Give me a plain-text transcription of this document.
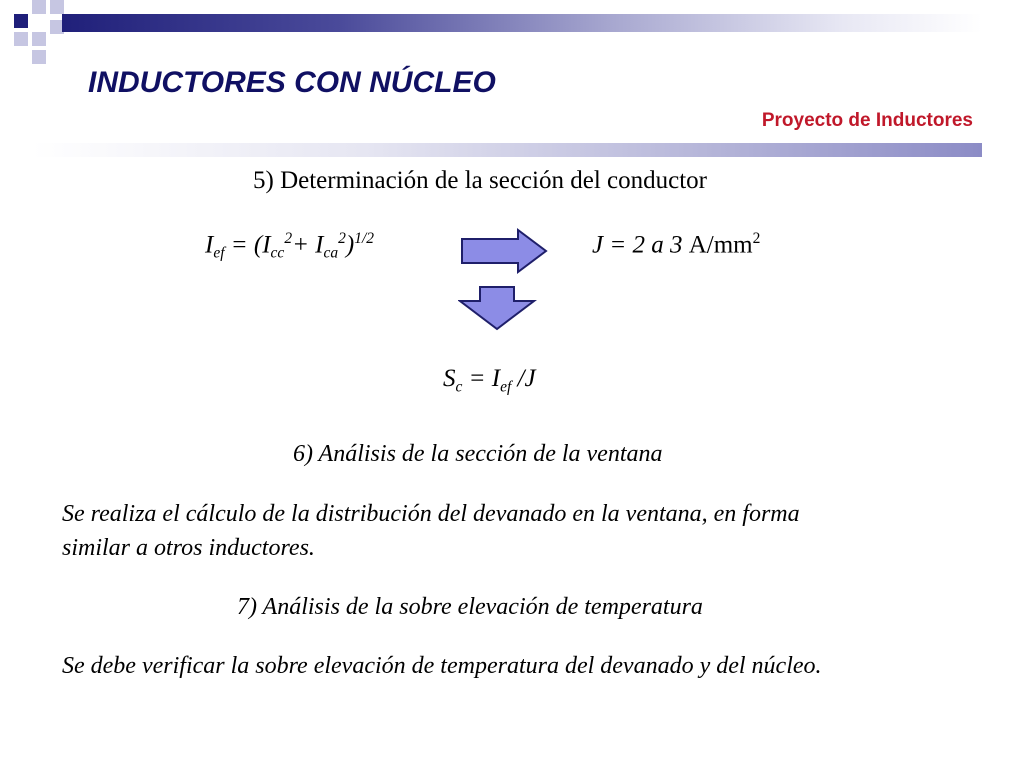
INDUCTORES CON NÚCLEO
Proyecto de Inductores
5) Determinación de la sección del conductor
$I_{ef} = (I_{cc}^2+ I_{ca}^2)^{1/2}$	J = 2 a 3 $A/mm^2$
$S_c = I_{ef}$ /J
6) Análisis de la sección de la ventana
Se realiza el cálculo de la distribución del devanado en la ventana, en forma
similar a otros inductores.
7) Análisis de la sobre elevación de temperatura
Se debe verificar la sobre elevación de temperatura del devanado y del núcleo.
